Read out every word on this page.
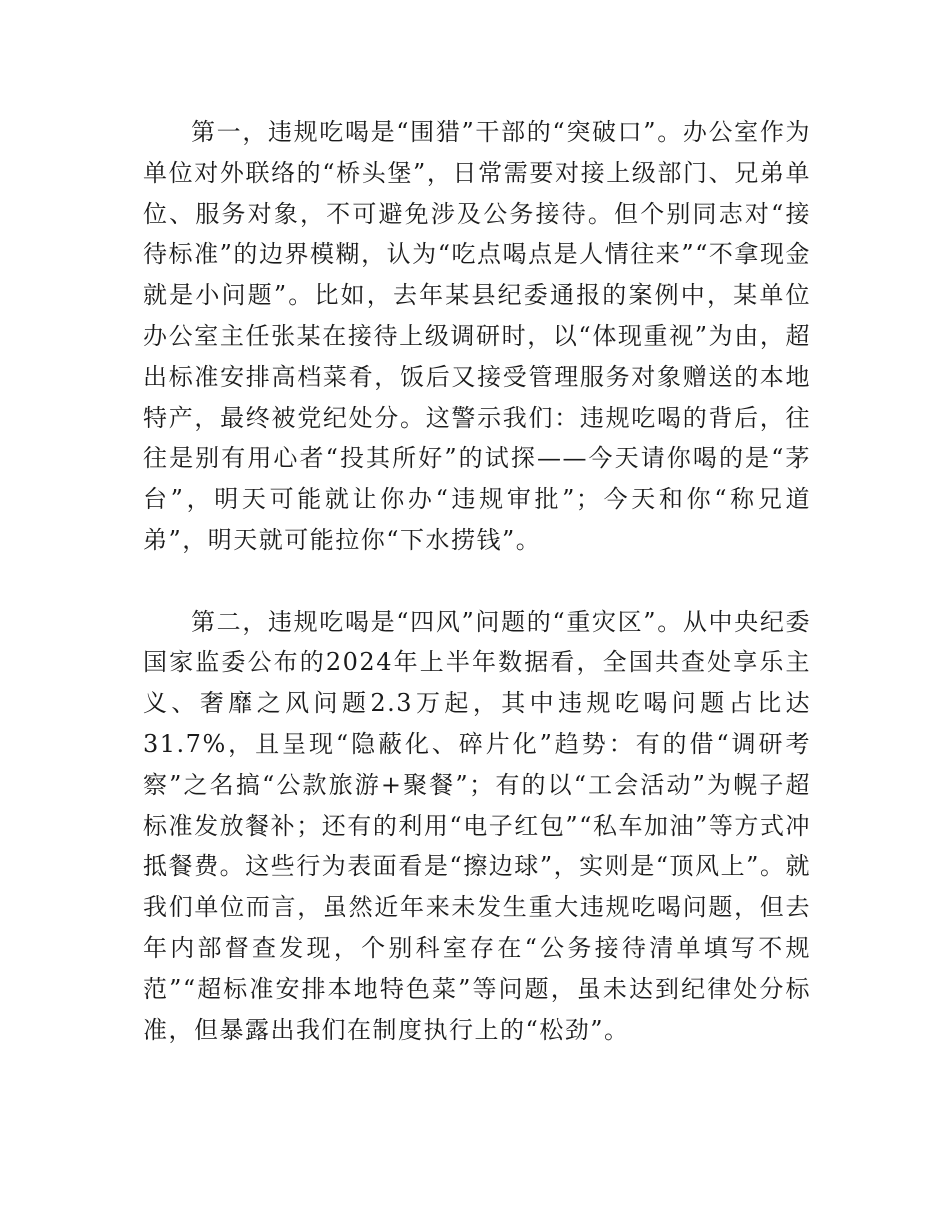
第一，违规吃喝是“围猎”干部的“突破口”。办公室作为单位对外联络的“桥头堡”，日常需要对接上级部门、兄弟单位、服务对象，不可避免涉及公务接待。但个别同志对“接待标准”的边界模糊，认为“吃点喝点是人情往来”“不拿现金就是小问题”。比如，去年某县纪委通报的案例中，某单位办公室主任张某在接待上级调研时，以“体现重视”为由，超出标准安排高档菜肴，饭后又接受管理服务对象赠送的本地特产，最终被党纪处分。这警示我们：违规吃喝的背后，往往是别有用心者“投其所好”的试探——今天请你喝的是“茅台”，明天可能就让你办“违规审批”；今天和你“称兄道弟”，明天就可能拉你“下水捞钱”。

第二，违规吃喝是“四风”问题的“重灾区”。从中央纪委国家监委公布的2024年上半年数据看，全国共查处享乐主义、奢靡之风问题2.3万起，其中违规吃喝问题占比达31.7%，且呈现“隐蔽化、碎片化”趋势：有的借“调研考察”之名搞“公款旅游+聚餐”；有的以“工会活动”为幌子超标准发放餐补；还有的利用“电子红包”“私车加油”等方式冲抵餐费。这些行为表面看是“擦边球”，实则是“顶风上”。就我们单位而言，虽然近年来未发生重大违规吃喝问题，但去年内部督查发现，个别科室存在“公务接待清单填写不规范”“超标准安排本地特色菜”等问题，虽未达到纪律处分标准，但暴露出我们在制度执行上的“松劲”。
